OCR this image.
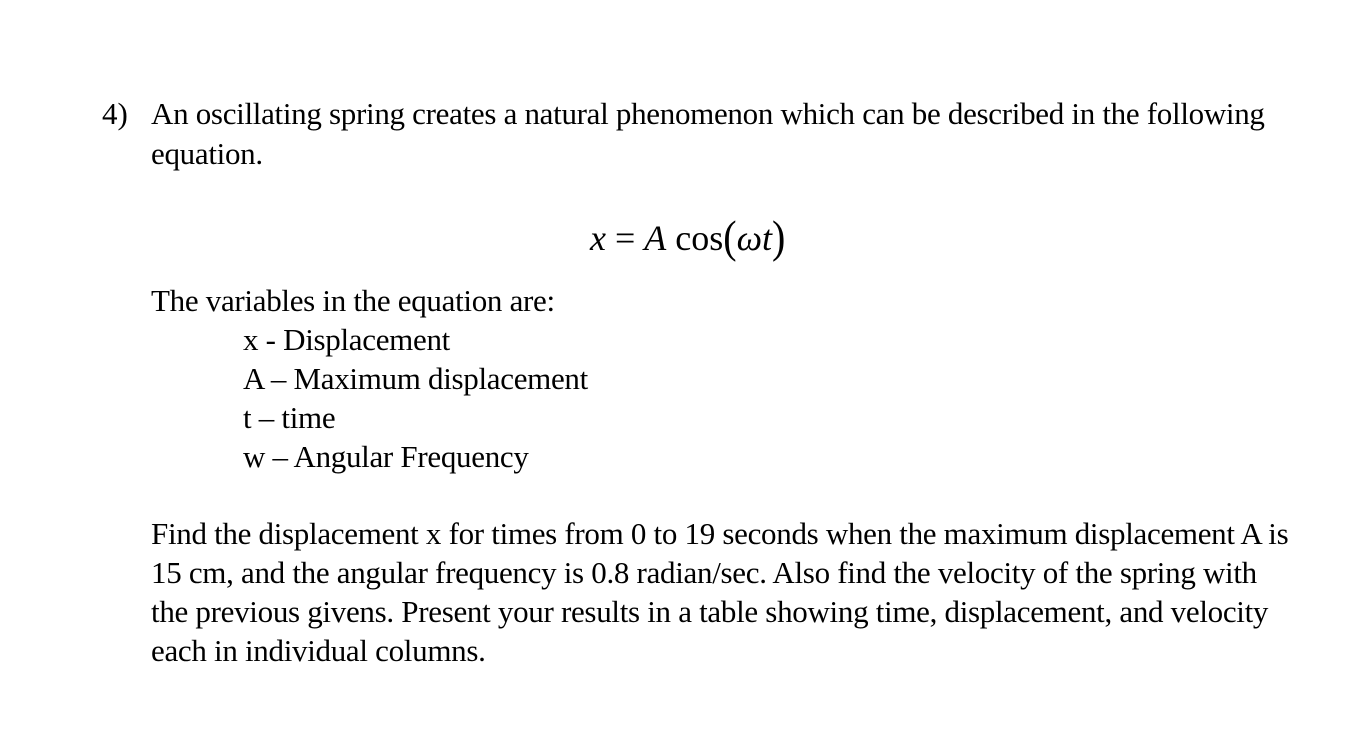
4) An oscillating spring creates a natural phenomenon which can be described in the following equation.
x = A cos(ωt)
The variables in the equation are:
x - Displacement
A – Maximum displacement
t – time
w – Angular Frequency
Find the displacement x for times from 0 to 19 seconds when the maximum displacement A is 15 cm, and the angular frequency is 0.8 radian/sec. Also find the velocity of the spring with the previous givens. Present your results in a table showing time, displacement, and velocity each in individual columns.
